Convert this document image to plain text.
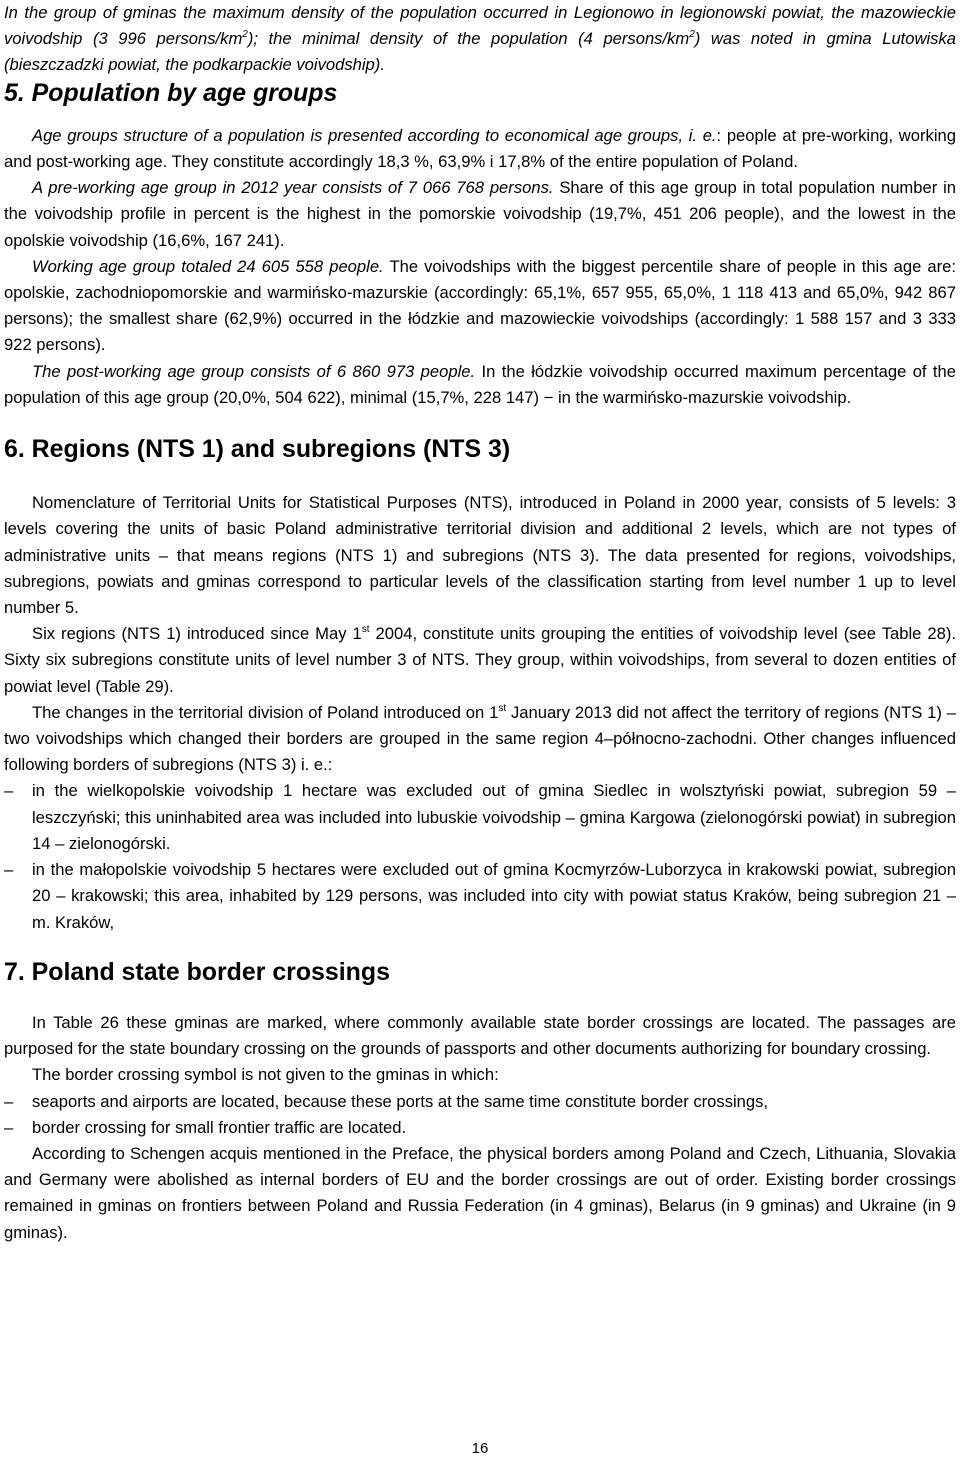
In the group of gminas the maximum density of the population occurred in Legionowo in legionowski powiat, the mazowieckie voivodship (3 996 persons/$km^2$); the minimal density of the population (4 persons/$km^2$) was noted in gmina Lutowiska (bieszczadzki powiat, the podkarpackie voivodship).

5. Population by age groups

Age groups structure of a population is presented according to economical age groups, i. e.: people at pre-working, working and post-working age. They constitute accordingly 18,3 %, 63,9% i 17,8% of the entire population of Poland.

A pre-working age group in 2012 year consists of 7 066 768 persons. Share of this age group in total population number in the voivodship profile in percent is the highest in the pomorskie voivodship (19,7%, 451 206 people), and the lowest in the opolskie voivodship (16,6%, 167 241).

Working age group totaled 24 605 558 people. The voivodships with the biggest percentile share of people in this age are: opolskie, zachodniopomorskie and warmińsko-mazurskie (accordingly: 65,1%, 657 955, 65,0%, 1 118 413 and 65,0%, 942 867 persons); the smallest share (62,9%) occurred in the łódzkie and mazowieckie voivodships (accordingly: 1 588 157 and 3 333 922 persons).

The post-working age group consists of 6 860 973 people. In the łódzkie voivodship occurred maximum percentage of the population of this age group (20,0%, 504 622), minimal (15,7%, 228 147) − in the warmińsko-mazurskie voivodship.

6. Regions (NTS 1) and subregions (NTS 3)

Nomenclature of Territorial Units for Statistical Purposes (NTS), introduced in Poland in 2000 year, consists of 5 levels: 3 levels covering the units of basic Poland administrative territorial division and additional 2 levels, which are not types of administrative units – that means regions (NTS 1) and subregions (NTS 3). The data presented for regions, voivodships, subregions, powiats and gminas correspond to particular levels of the classification starting from level number 1 up to level number 5.

Six regions (NTS 1) introduced since May 1st 2004, constitute units grouping the entities of voivodship level (see Table 28). Sixty six subregions constitute units of level number 3 of NTS. They group, within voivodships, from several to dozen entities of powiat level (Table 29).

The changes in the territorial division of Poland introduced on 1st January 2013 did not affect the territory of regions (NTS 1) – two voivodships which changed their borders are grouped in the same region 4–północno-zachodni. Other changes influenced following borders of subregions (NTS 3) i. e.:

– in the wielkopolskie voivodship 1 hectare was excluded out of gmina Siedlec in wolsztyński powiat, subregion 59 – leszczyński; this uninhabited area was included into lubuskie voivodship – gmina Kargowa (zielonogórski powiat) in subregion 14 – zielonogórski.
– in the małopolskie voivodship 5 hectares were excluded out of gmina Kocmyrzów-Luborzyca in krakowski powiat, subregion 20 – krakowski; this area, inhabited by 129 persons, was included into city with powiat status Kraków, being subregion 21 – m. Kraków,
7. Poland state border crossings

In Table 26 these gminas are marked, where commonly available state border crossings are located. The passages are purposed for the state boundary crossing on the grounds of passports and other documents authorizing for boundary crossing.

The border crossing symbol is not given to the gminas in which:

– seaports and airports are located, because these ports at the same time constitute border crossings,
– border crossing for small frontier traffic are located.

According to Schengen acquis mentioned in the Preface, the physical borders among Poland and Czech, Lithuania, Slovakia and Germany were abolished as internal borders of EU and the border crossings are out of order. Existing border crossings remained in gminas on frontiers between Poland and Russia Federation (in 4 gminas), Belarus (in 9 gminas) and Ukraine (in 9 gminas).

16
